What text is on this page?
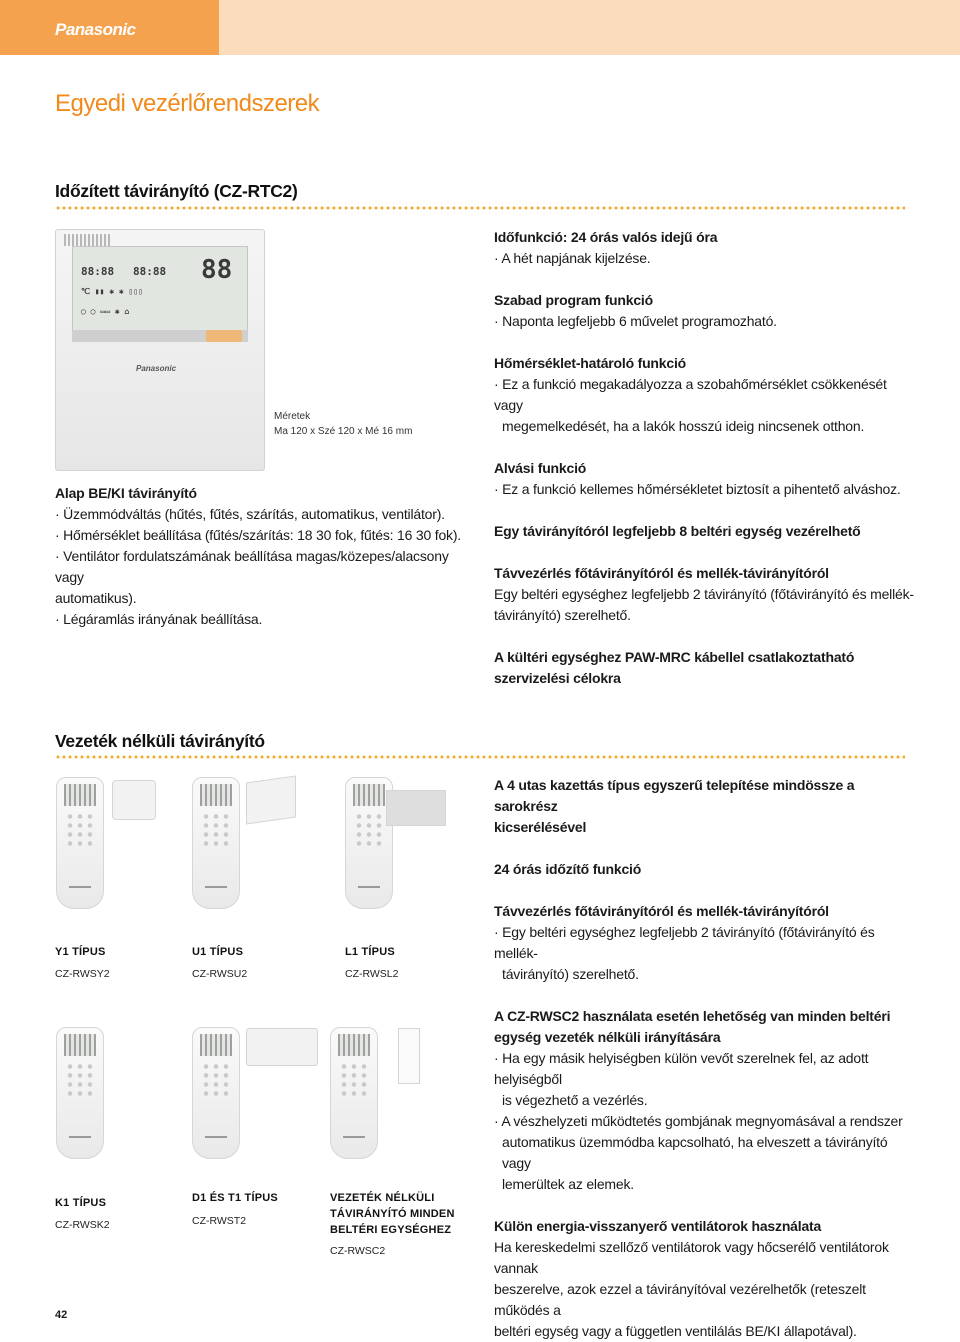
Panasonic
Egyedi vezérlőrendszerek
Időzített távirányító (CZ-RTC2)
88:88 88:88 88
℃ ▮▮ ✱ ✱ ▯▯▯
◯ ◯ ▭▭ ✱ ⌂
Panasonic
Méretek
Ma 120 x Szé 120 x Mé 16 mm
Alap BE/KI távirányító
· Üzemmódváltás (hűtés, fűtés, szárítás, automatikus, ventilátor).
· Hőmérséklet beállítása (fűtés/szárítás: 18 30 fok, fűtés: 16 30 fok).
· Ventilátor fordulatszámának beállítása magas/közepes/alacsony vagy
automatikus).
· Légáramlás irányának beállítása.
Időfunkció: 24 órás valós idejű óra
· A hét napjának kijelzése.
Szabad program funkció
· Naponta legfeljebb 6 művelet programozható.
Hőmérséklet-határoló funkció
· Ez a funkció megakadályozza a szobahőmérséklet csökkenését vagy
megemelkedését, ha a lakók hosszú ideig nincsenek otthon.
Alvási funkció
· Ez a funkció kellemes hőmérsékletet biztosít a pihentető alváshoz.
Egy távirányítóról legfeljebb 8 beltéri egység vezérelhető
Távvezérlés főtávirányítóról és mellék-távirányítóról
Egy beltéri egységhez legfeljebb 2 távirányító (főtávirányító és mellék-
távirányító) szerelhető.
A kültéri egységhez PAW-MRC kábellel csatlakoztatható
szervizelési célokra
Vezeték nélküli távirányító
Y1 TÍPUS
CZ-RWSY2
U1 TÍPUS
CZ-RWSU2
L1 TÍPUS
CZ-RWSL2
K1 TÍPUS
CZ-RWSK2
D1 ÉS T1 TÍPUS
CZ-RWST2
VEZETÉK NÉLKÜLI
TÁVIRÁNYÍTÓ MINDEN
BELTÉRI EGYSÉGHEZ
CZ-RWSC2
A 4 utas kazettás típus egyszerű telepítése mindössze a sarokrész
kicserélésével
24 órás időzítő funkció
Távvezérlés főtávirányítóról és mellék-távirányítóról
· Egy beltéri egységhez legfeljebb 2 távirányító (főtávirányító és mellék-
távirányító) szerelhető.
A CZ-RWSC2 használata esetén lehetőség van minden beltéri
egység vezeték nélküli irányítására
· Ha egy másik helyiségben külön vevőt szerelnek fel, az adott helyiségből
is végezhető a vezérlés.
· A vészhelyzeti működtetés gombjának megnyomásával a rendszer
automatikus üzemmódba kapcsolható, ha elveszett a távirányító vagy
lemerültek az elemek.
Külön energia-visszanyerő ventilátorok használata
Ha kereskedelmi szellőző ventilátorok vagy hőcserélő ventilátorok vannak
beszerelve, azok ezzel a távirányítóval vezérelhetők (reteszelt működés a
beltéri egység vagy a független ventilálás BE/KI állapotával).
42
